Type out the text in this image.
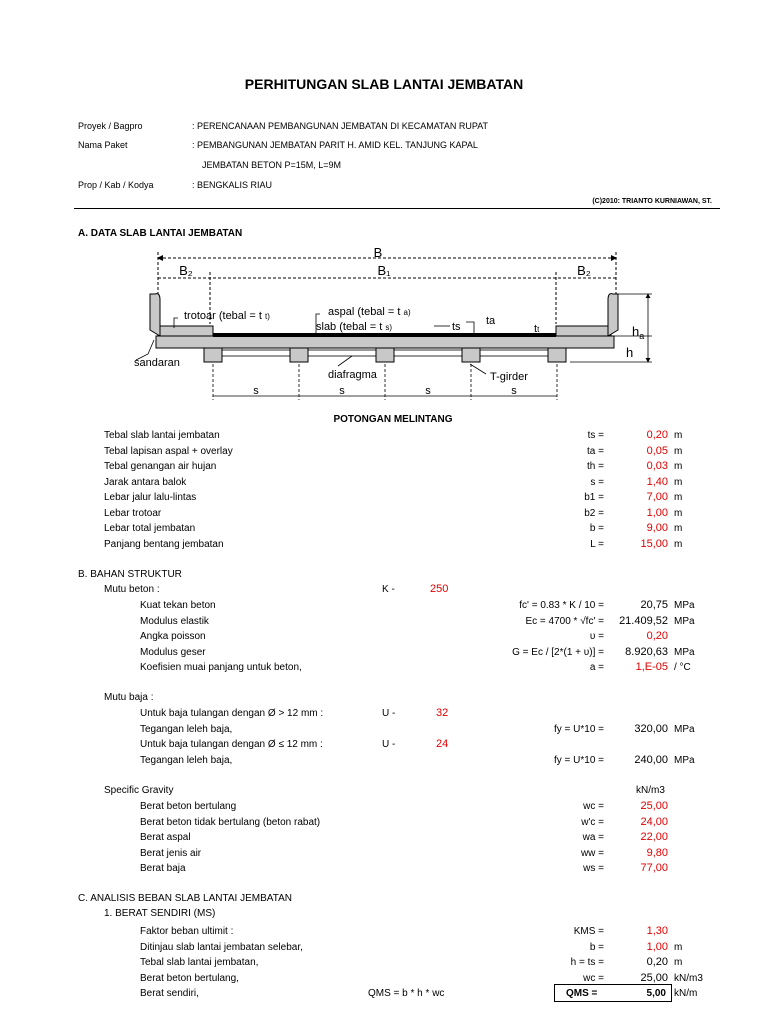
PERHITUNGAN SLAB LANTAI JEMBATAN
Proyek / Bagpro	: PERENCANAAN PEMBANGUNAN JEMBATAN DI KECAMATAN RUPAT
Nama Paket	: PEMBANGUNAN JEMBATAN PARIT H. AMID KEL. TANJUNG KAPAL
JEMBATAN BETON P=15M, L=9M
Prop / Kab / Kodya	: BENGKALIS RIAU
(C)2010: TRIANTO KURNIAWAN, ST.
A. DATA SLAB LANTAI JEMBATAN
B
B₂	B₁	B₂
trotoar (tebal = t t)	aspal (tebal = t a)
slab (tebal = t s)	ts ta
tt	$h_a$
h
sandaran
diafragma	T-girder
s	s	s	s
POTONGAN MELINTANG
Tebal slab lantai jembatan	ts =	0,20 m
Tebal lapisan aspal + overlay	ta =	0,05 m
Tebal genangan air hujan	th =	0,03 m
Jarak antara balok	s =	1,40 m
Lebar jalur lalu-lintas	b1 =	7,00 m
Lebar trotoar	b2 =	1,00 m
Lebar total jembatan	b =	9,00 m
Panjang bentang jembatan	L =	15,00 m
B. BAHAN STRUKTUR
Mutu beton :	K -	250
Kuat tekan beton	fc' = 0.83 * K / 10 =	20,75 MPa
Modulus elastik	Ec = 4700 * √fc' =	21.409,52 MPa
Angka poisson	υ =	0,20
Modulus geser	G = Ec / [2*(1 + υ)] =	8.920,63 MPa
Koefisien muai panjang untuk beton,	a =	1,E-05 / °C
Mutu baja :
Untuk baja tulangan dengan Ø > 12 mm :	U -	32
Tegangan leleh baja,	fy = U*10 =	320,00 MPa
Untuk baja tulangan dengan Ø ≤ 12 mm :	U -	24
Tegangan leleh baja,	fy = U*10 =	240,00 MPa
Specific Gravity	kN/m3
Berat beton bertulang	wc =	25,00
Berat beton tidak bertulang (beton rabat)	w'c =	24,00
Berat aspal	wa =	22,00
Berat jenis air	ww =	9,80
Berat baja	ws =	77,00
C. ANALISIS BEBAN SLAB LANTAI JEMBATAN
1. BERAT SENDIRI (MS)
Faktor beban ultimit :	KMS =	1,30
Ditinjau slab lantai jembatan selebar,	b =	1,00 m
Tebal slab lantai jembatan,	h = ts =	0,20 m
Berat beton bertulang,	wc =	25,00 kN/m3
Berat sendiri,	QMS = b * h * wc	QMS =	5,00 kN/m
